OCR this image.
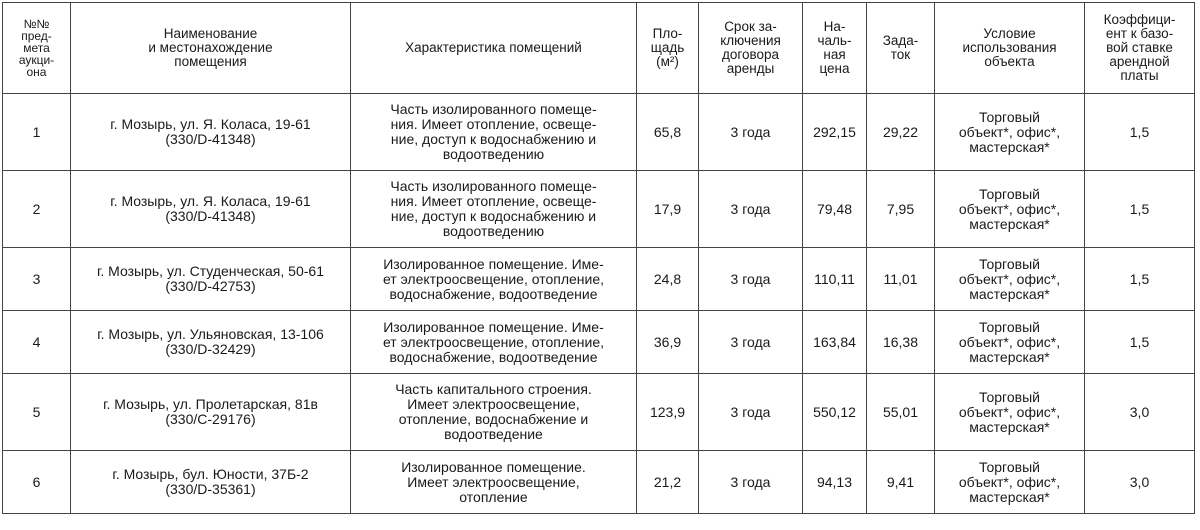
№№
пред-
мета
аукци-
она	Наименование
и местонахождение
помещения	Характеристика помещений	Пло-
щадь
(м²)	Срок за-
ключения
договора
аренды	На-
чаль-
ная
цена	Зада-
ток	Условие
использования
объекта	Коэффици-
ент к базо-
вой ставке
арендной
платы
1	г. Мозырь, ул. Я. Коласа, 19-61
(330/D-41348)	Часть изолированного помеще-
ния. Имеет отопление, освеще-
ние, доступ к водоснабжению и
водоотведению	65,8	3 года	292,15	29,22	Торговый
объект*, офис*,
мастерская*	1,5
2	г. Мозырь, ул. Я. Коласа, 19-61
(330/D-41348)	Часть изолированного помеще-
ния. Имеет отопление, освеще-
ние, доступ к водоснабжению и
водоотведению	17,9	3 года	79,48	7,95	Торговый
объект*, офис*,
мастерская*	1,5
3	г. Мозырь, ул. Студенческая, 50-61
(330/D-42753)	Изолированное помещение. Име-
ет электроосвещение, отопление,
водоснабжение, водоотведение	24,8	3 года	110,11	11,01	Торговый
объект*, офис*,
мастерская*	1,5
4	г. Мозырь, ул. Ульяновская, 13-106
(330/D-32429)	Изолированное помещение. Име-
ет электроосвещение, отопление,
водоснабжение, водоотведение	36,9	3 года	163,84	16,38	Торговый
объект*, офис*,
мастерская*	1,5
5	г. Мозырь, ул. Пролетарская, 81в
(330/C-29176)	Часть капитального строения.
Имеет электроосвещение,
отопление, водоснабжение и
водоотведение	123,9	3 года	550,12	55,01	Торговый
объект*, офис*,
мастерская*	3,0
6	г. Мозырь, бул. Юности, 37Б-2
(330/D-35361)	Изолированное помещение.
Имеет электроосвещение,
отопление	21,2	3 года	94,13	9,41	Торговый
объект*, офис*,
мастерская*	3,0
